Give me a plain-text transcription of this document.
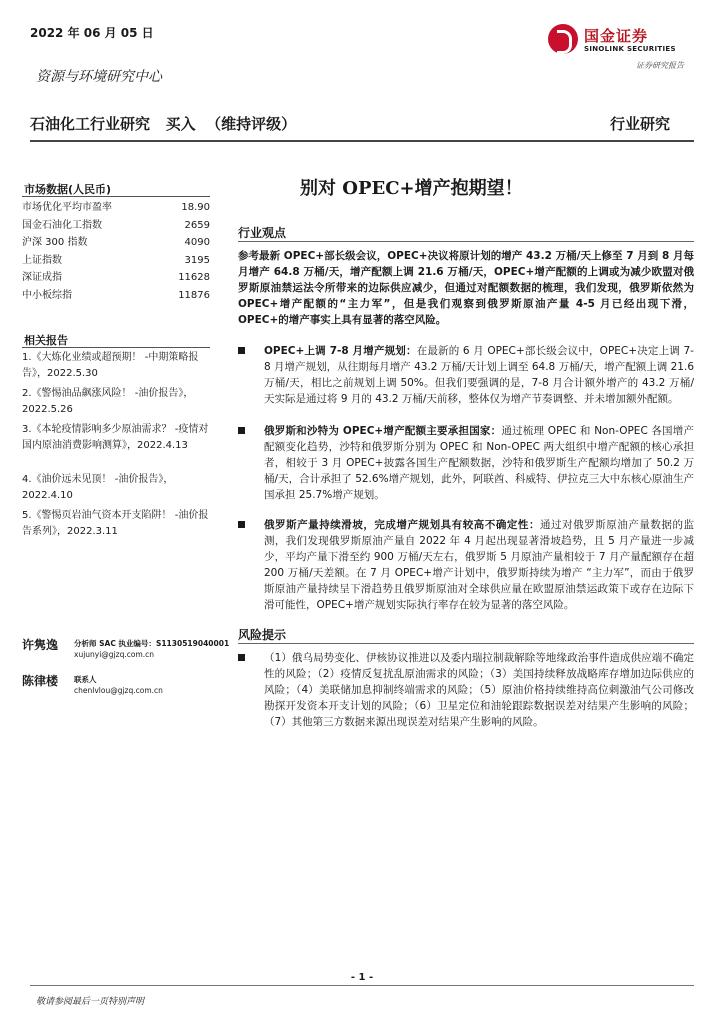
2022 年 06 月 05 日	国金证券
SINOLINK SECURITIES
证券研究报告
资源与环境研究中心
石油化工行业研究   买入  （维持评级）	行业研究
市场数据(人民币)
市场优化平均市盈率	18.90
国金石油化工指数	2659
沪深 300 指数	4090
上证指数	3195
深证成指	11628
中小板综指	11876
相关报告
1.《大炼化业绩或超预期！ -中期策略报告》，2022.5.30
2.《警惕油品飙涨风险！ -油价报告》，2022.5.26
3.《本轮疫情影响多少原油需求？ -疫情对国内原油消费影响测算》，2022.4.13
4.《油价远未见顶！ -油价报告》，2022.4.10
5.《警惕页岩油气资本开支陷阱！ -油价报告系列》，2022.3.11
许隽逸 分析师 SAC 执业编号：S1130519040001
xujunyi@gjzq.com.cn
陈律楼 联系人
chenlvlou@gjzq.com.cn
别对 OPEC+增产抱期望！
行业观点
参考最新 OPEC+部长级会议，OPEC+决议将原计划的增产 43.2 万桶/天上修至 7 月到 8 月每月增产 64.8 万桶/天，增产配额上调 21.6 万桶/天，OPEC+增产配额的上调或为减少欧盟对俄罗斯原油禁运法令所带来的边际供应减少，但通过对配额数据的梳理，我们发现，俄罗斯依然为 OPEC+增产配额的“主力军”，但是我们观察到俄罗斯原油产量 4-5 月已经出现下滑，OPEC+的增产事实上具有显著的落空风险。
OPEC+上调 7-8 月增产规划：在最新的 6 月 OPEC+部长级会议中，OPEC+决定上调 7-8 月增产规划，从往期每月增产 43.2 万桶/天计划上调至 64.8 万桶/天，增产配额上调 21.6 万桶/天，相比之前规划上调 50%。但我们要强调的是，7-8 月合计额外增产的 43.2 万桶/天实际是通过将 9 月的 43.2 万桶/天前移，整体仅为增产节奏调整、并未增加额外配额。
俄罗斯和沙特为 OPEC+增产配额主要承担国家：通过梳理 OPEC 和 Non-OPEC 各国增产配额变化趋势，沙特和俄罗斯分别为 OPEC 和 Non-OPEC 两大组织中增产配额的核心承担者，相较于 3 月 OPEC+披露各国生产配额数据，沙特和俄罗斯生产配额均增加了 50.2 万桶/天，合计承担了 52.6%增产规划，此外，阿联酋、科威特、伊拉克三大中东核心原油生产国承担 25.7%增产规划。
俄罗斯产量持续滑坡，完成增产规划具有较高不确定性：通过对俄罗斯原油产量数据的监测，我们发现俄罗斯原油产量自 2022 年 4 月起出现显著滑坡趋势，且 5 月产量进一步减少，平均产量下滑至约 900 万桶/天左右，俄罗斯 5 月原油产量相较于 7 月产量配额存在超 200 万桶/天差额。在 7 月 OPEC+增产计划中，俄罗斯持续为增产 “主力军”，而由于俄罗斯原油产量持续呈下滑趋势且俄罗斯原油对全球供应量在欧盟原油禁运政策下或存在边际下滑可能性，OPEC+增产规划实际执行率存在较为显著的落空风险。
风险提示
（1）俄乌局势变化、伊核协议推进以及委内瑞拉制裁解除等地缘政治事件造成供应端不确定性的风险；（2）疫情反复扰乱原油需求的风险；（3）美国持续释放战略库存增加边际供应的风险；（4）美联储加息抑制终端需求的风险；（5）原油价格持续维持高位刺激油气公司修改勘探开发资本开支计划的风险；（6）卫星定位和油轮跟踪数据误差对结果产生影响的风险；（7）其他第三方数据来源出现误差对结果产生影响的风险。
- 1 -
敬请参阅最后一页特别声明
